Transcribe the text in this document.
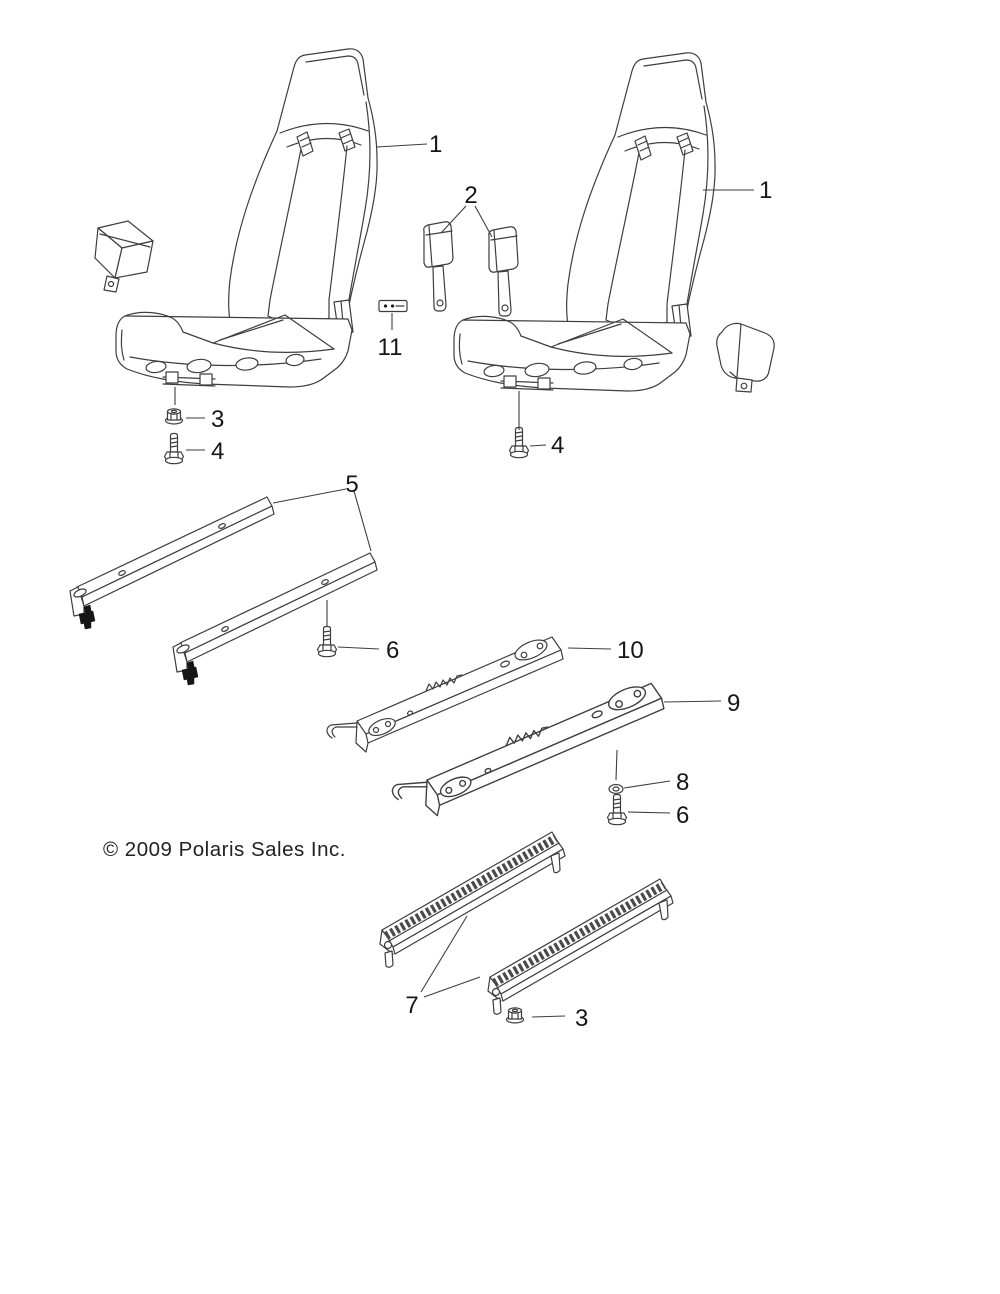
1
1
2
11
3
4	4
5
6	10
9
8
6
7	3
© 2009 Polaris Sales Inc.
